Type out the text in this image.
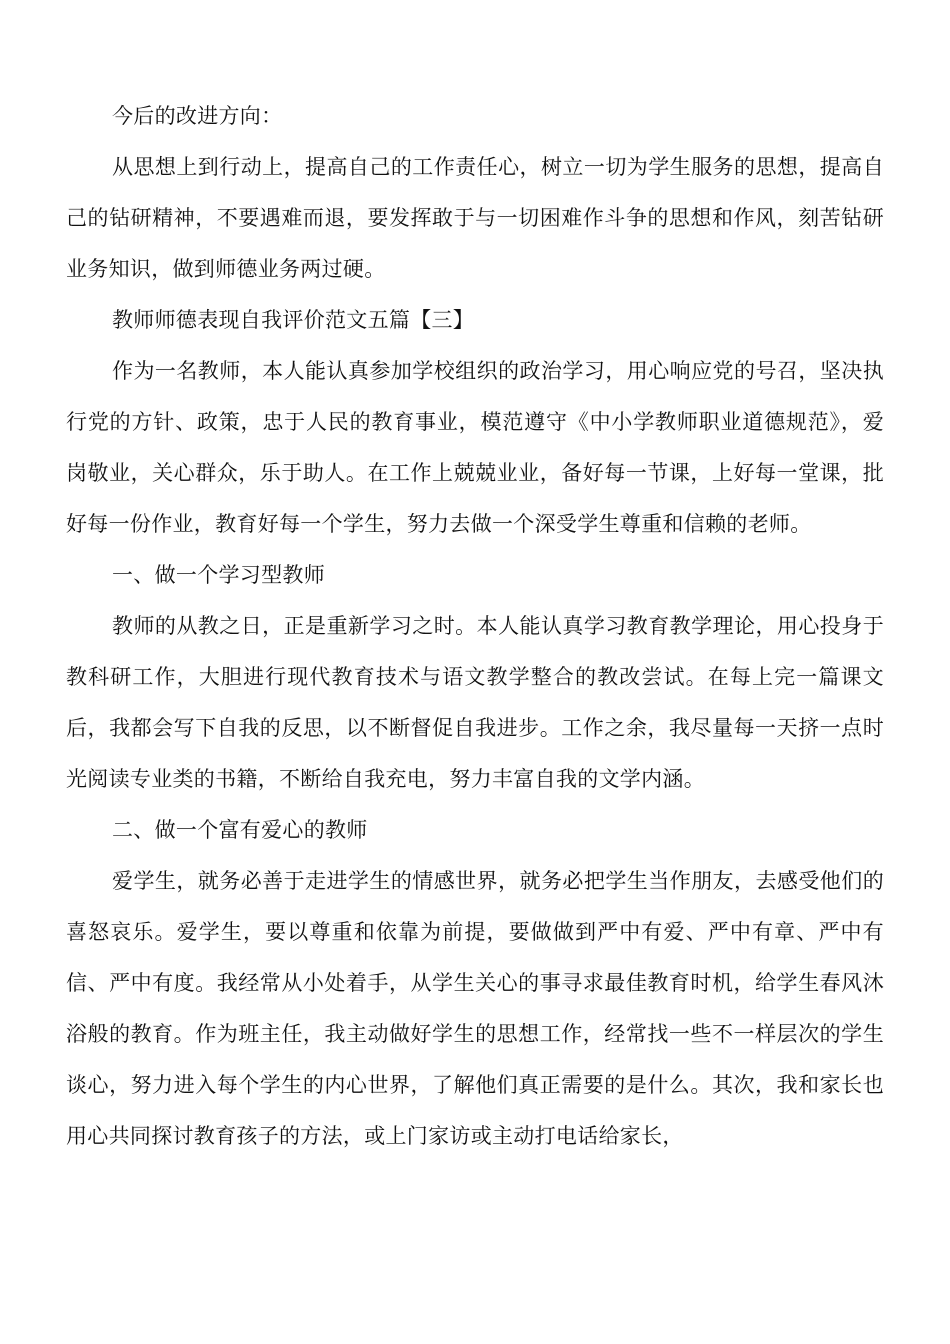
今后的改进方向：

从思想上到行动上，提高自己的工作责任心，树立一切为学生服务的思想，提高自己的钻研精神，不要遇难而退，要发挥敢于与一切困难作斗争的思想和作风，刻苦钻研业务知识，做到师德业务两过硬。

教师师德表现自我评价范文五篇【三】

作为一名教师，本人能认真参加学校组织的政治学习，用心响应党的号召，坚决执行党的方针、政策，忠于人民的教育事业，模范遵守《中小学教师职业道德规范》，爱岗敬业，关心群众，乐于助人。在工作上兢兢业业，备好每一节课，上好每一堂课，批好每一份作业，教育好每一个学生，努力去做一个深受学生尊重和信赖的老师。

一、做一个学习型教师

教师的从教之日，正是重新学习之时。本人能认真学习教育教学理论，用心投身于教科研工作，大胆进行现代教育技术与语文教学整合的教改尝试。在每上完一篇课文后，我都会写下自我的反思，以不断督促自我进步。工作之余，我尽量每一天挤一点时光阅读专业类的书籍，不断给自我充电，努力丰富自我的文学内涵。

二、做一个富有爱心的教师

爱学生，就务必善于走进学生的情感世界，就务必把学生当作朋友，去感受他们的喜怒哀乐。爱学生，要以尊重和依靠为前提，要做做到严中有爱、严中有章、严中有信、严中有度。我经常从小处着手，从学生关心的事寻求最佳教育时机，给学生春风沐浴般的教育。作为班主任，我主动做好学生的思想工作，经常找一些不一样层次的学生谈心，努力进入每个学生的内心世界，了解他们真正需要的是什么。其次，我和家长也用心共同探讨教育孩子的方法，或上门家访或主动打电话给家长，
